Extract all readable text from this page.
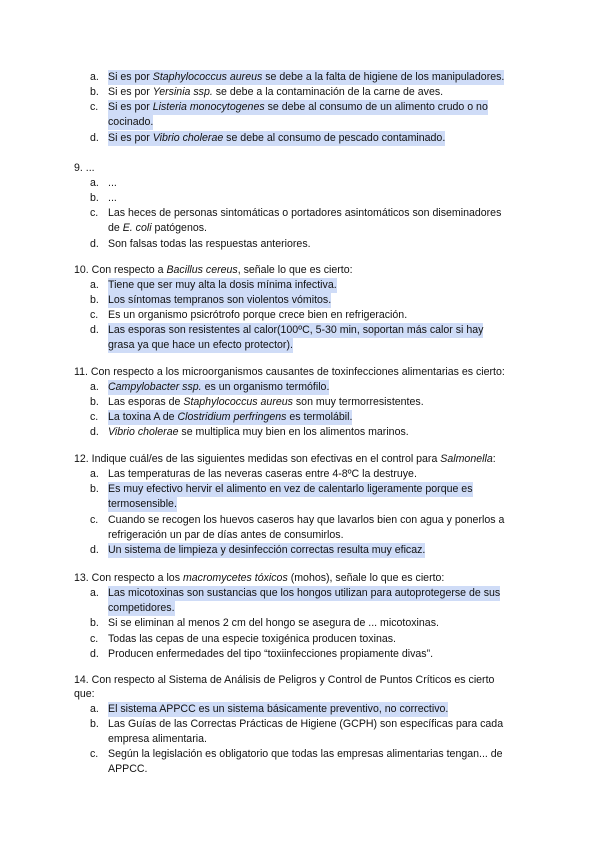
a. Si es por Staphylococcus aureus se debe a la falta de higiene de los manipuladores.
b. Si es por Yersinia ssp. se debe a la contaminación de la carne de aves.
c. Si es por Listeria monocytogenes se debe al consumo de un alimento crudo o no
cocinado.
d. Si es por Vibrio cholerae se debe al consumo de pescado contaminado.
9. ...
a. ...
b. ...
c. Las heces de personas sintomáticas o portadores asintomáticos son diseminadores
de E. coli patógenos.
d. Son falsas todas las respuestas anteriores.
10. Con respecto a Bacillus cereus, señale lo que es cierto:
a. Tiene que ser muy alta la dosis mínima infectiva.
b. Los síntomas tempranos son violentos vómitos.
c. Es un organismo psicrótrofo porque crece bien en refrigeración.
d. Las esporas son resistentes al calor(100ºC, 5-30 min, soportan más calor si hay
grasa ya que hace un efecto protector).
11. Con respecto a los microorganismos causantes de toxinfecciones alimentarias es cierto:
a. Campylobacter ssp. es un organismo termófilo.
b. Las esporas de Staphylococcus aureus son muy termorresistentes.
c. La toxina A de Clostridium perfringens es termolábil.
d. Vibrio cholerae se multiplica muy bien en los alimentos marinos.
12. Indique cuál/es de las siguientes medidas son efectivas en el control para Salmonella:
a. Las temperaturas de las neveras caseras entre 4-8ºC la destruye.
b. Es muy efectivo hervir el alimento en vez de calentarlo ligeramente porque es
termosensible.
c. Cuando se recogen los huevos caseros hay que lavarlos bien con agua y ponerlos a
refrigeración un par de días antes de consumirlos.
d. Un sistema de limpieza y desinfección correctas resulta muy eficaz.
13. Con respecto a los macromycetes tóxicos (mohos), señale lo que es cierto:
a. Las micotoxinas son sustancias que los hongos utilizan para autoprotegerse de sus
competidores.
b. Si se eliminan al menos 2 cm del hongo se asegura de ... micotoxinas.
c. Todas las cepas de una especie toxigénica producen toxinas.
d. Producen enfermedades del tipo “toxiinfecciones propiamente divas”.
14. Con respecto al Sistema de Análisis de Peligros y Control de Puntos Críticos es cierto
que:
a. El sistema APPCC es un sistema básicamente preventivo, no correctivo.
b. Las Guías de las Correctas Prácticas de Higiene (GCPH) son específicas para cada
empresa alimentaria.
c. Según la legislación es obligatorio que todas las empresas alimentarias tengan... de
APPCC.
